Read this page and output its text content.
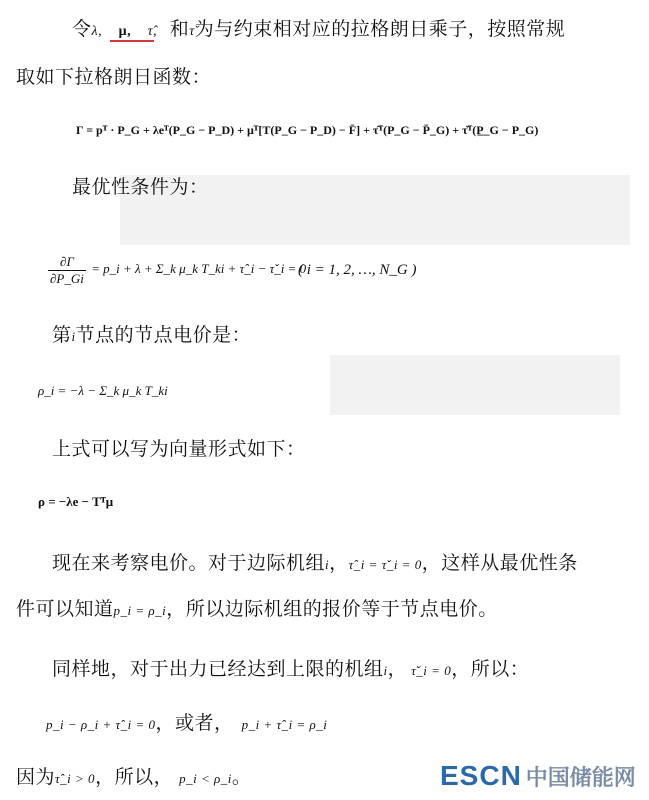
令λ, μ, τ̂, 和τ̌为与约束相对应的拉格朗日乘子，按照常规
取如下拉格朗日函数：
Γ = pᵀ · P_G + λeᵀ(P_G − P_D) + μᵀ[T(P_G − P_D) − F̄] + τ̂ᵀ(P_G − P̄_G) + τ̌ᵀ(P̲_G − P_G)
最优性条件为：
$\frac{\partial\Gamma}{\partial P\_Gi}$ = p_i + λ + Σ_k μ_k T_ki + τ̂_i − τ̌_i = 0
( i = 1, 2, …, N_G )
第i节点的节点电价是：
ρ_i = −λ − Σ_k μ_k T_ki
上式可以写为向量形式如下：
ρ = −λe − Tᵀμ
现在来考察电价。对于边际机组i，τ̂_i = τ̌_i = 0，这样从最优性条
件可以知道p_i = ρ_i，所以边际机组的报价等于节点电价。
同样地，对于出力已经达到上限的机组i， τ̌_i = 0，所以：
p_i − ρ_i + τ̂_i = 0，或者， p_i + τ̂_i = ρ_i
因为τ̂_i > 0，所以， p_i < ρ_i。	ESCN 中国储能网
